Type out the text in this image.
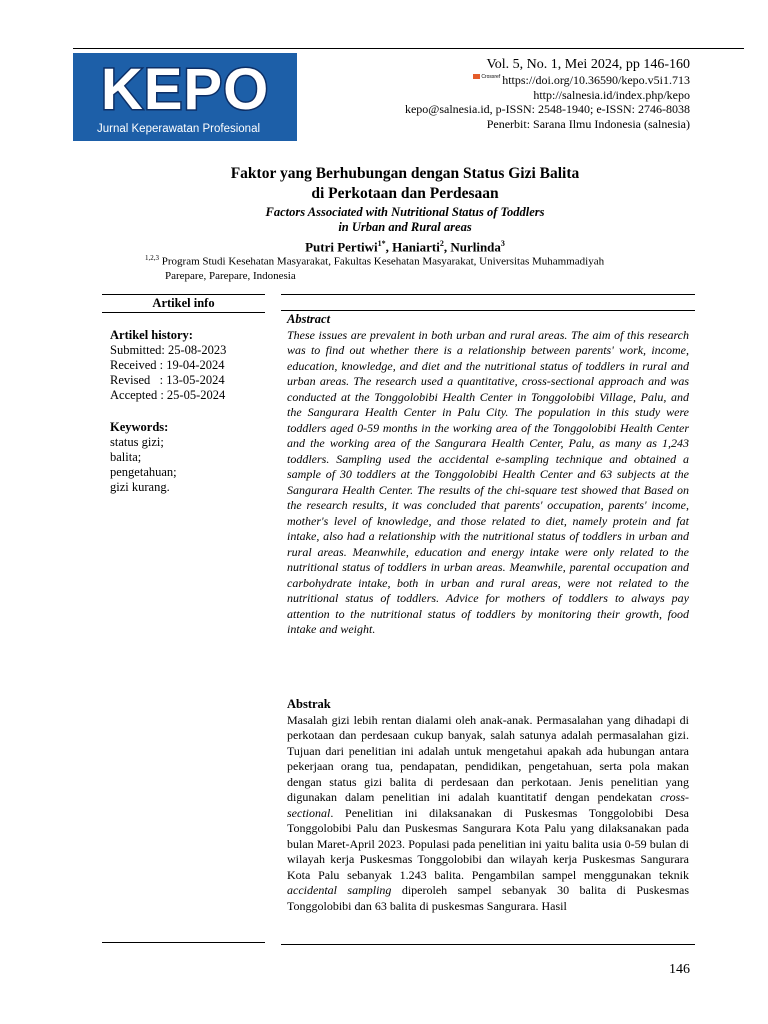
KEPO
Jurnal Keperawatan Profesional
Vol. 5, No. 1, Mei 2024, pp 146-160
Crossref https://doi.org/10.36590/kepo.v5i1.713
http://salnesia.id/index.php/kepo
kepo@salnesia.id, p-ISSN: 2548-1940; e-ISSN: 2746-8038
Penerbit: Sarana Ilmu Indonesia (salnesia)
Faktor yang Berhubungan dengan Status Gizi Balita
di Perkotaan dan Perdesaan
Factors Associated with Nutritional Status of Toddlers
in Urban and Rural areas
Putri Pertiwi$^{1*}$, Haniarti$^2$, Nurlinda$^3$
$^{1,2,3}$ Program Studi Kesehatan Masyarakat, Fakultas Kesehatan Masyarakat, Universitas Muhammadiyah
Parepare, Parepare, Indonesia
Artikel info
Artikel history:
Submitted: 25-08-2023
Received : 19-04-2024
Revised   : 13-05-2024
Accepted : 25-05-2024
Keywords:
status gizi;
balita;
pengetahuan;
gizi kurang.
Abstract

These issues are prevalent in both urban and rural areas. The aim of this research was to find out whether there is a relationship between parents' work, income, education, knowledge, and diet and the nutritional status of toddlers in rural and urban areas. The research used a quantitative, cross-sectional approach and was conducted at the Tonggolobibi Health Center in Tonggolobibi Village, Palu, and the Sangurara Health Center in Palu City. The population in this study were toddlers aged 0-59 months in the working area of the Tonggolobibi Health Center and the working area of the Sangurara Health Center, Palu, as many as 1,243 toddlers. Sampling used the accidental e-sampling technique and obtained a sample of 30 toddlers at the Tonggolobibi Health Center and 63 subjects at the Sangurara Health Center. The results of the chi-square test showed that Based on the research results, it was concluded that parents' occupation, parents' income, mother's level of knowledge, and those related to diet, namely protein and fat intake, also had a relationship with the nutritional status of toddlers in urban and rural areas. Meanwhile, education and energy intake were only related to the nutritional status of toddlers in urban areas. Meanwhile, parental occupation and carbohydrate intake, both in urban and rural areas, were not related to the nutritional status of toddlers. Advice for mothers of toddlers to always pay attention to the nutritional status of toddlers by monitoring their growth, food intake and weight.

Abstrak

Masalah gizi lebih rentan dialami oleh anak-anak. Permasalahan yang dihadapi di perkotaan dan perdesaan cukup banyak, salah satunya adalah permasalahan gizi. Tujuan dari penelitian ini adalah untuk mengetahui apakah ada hubungan antara pekerjaan orang tua, pendapatan, pendidikan, pengetahuan, serta pola makan dengan status gizi balita di perdesaan dan perkotaan. Jenis penelitian yang digunakan dalam penelitian ini adalah kuantitatif dengan pendekatan cross-sectional. Penelitian ini dilaksanakan di Puskesmas Tonggolobibi Desa Tonggolobibi Palu dan Puskesmas Sangurara Kota Palu yang dilaksanakan pada bulan Maret-April 2023. Populasi pada penelitian ini yaitu balita usia 0-59 bulan di wilayah kerja Puskesmas Tonggolobibi dan wilayah kerja Puskesmas Sangurara Kota Palu sebanyak 1.243 balita. Pengambilan sampel menggunakan teknik accidental sampling diperoleh sampel sebanyak 30 balita di Puskesmas Tonggolobibi dan 63 balita di puskesmas Sangurara. Hasil

146
